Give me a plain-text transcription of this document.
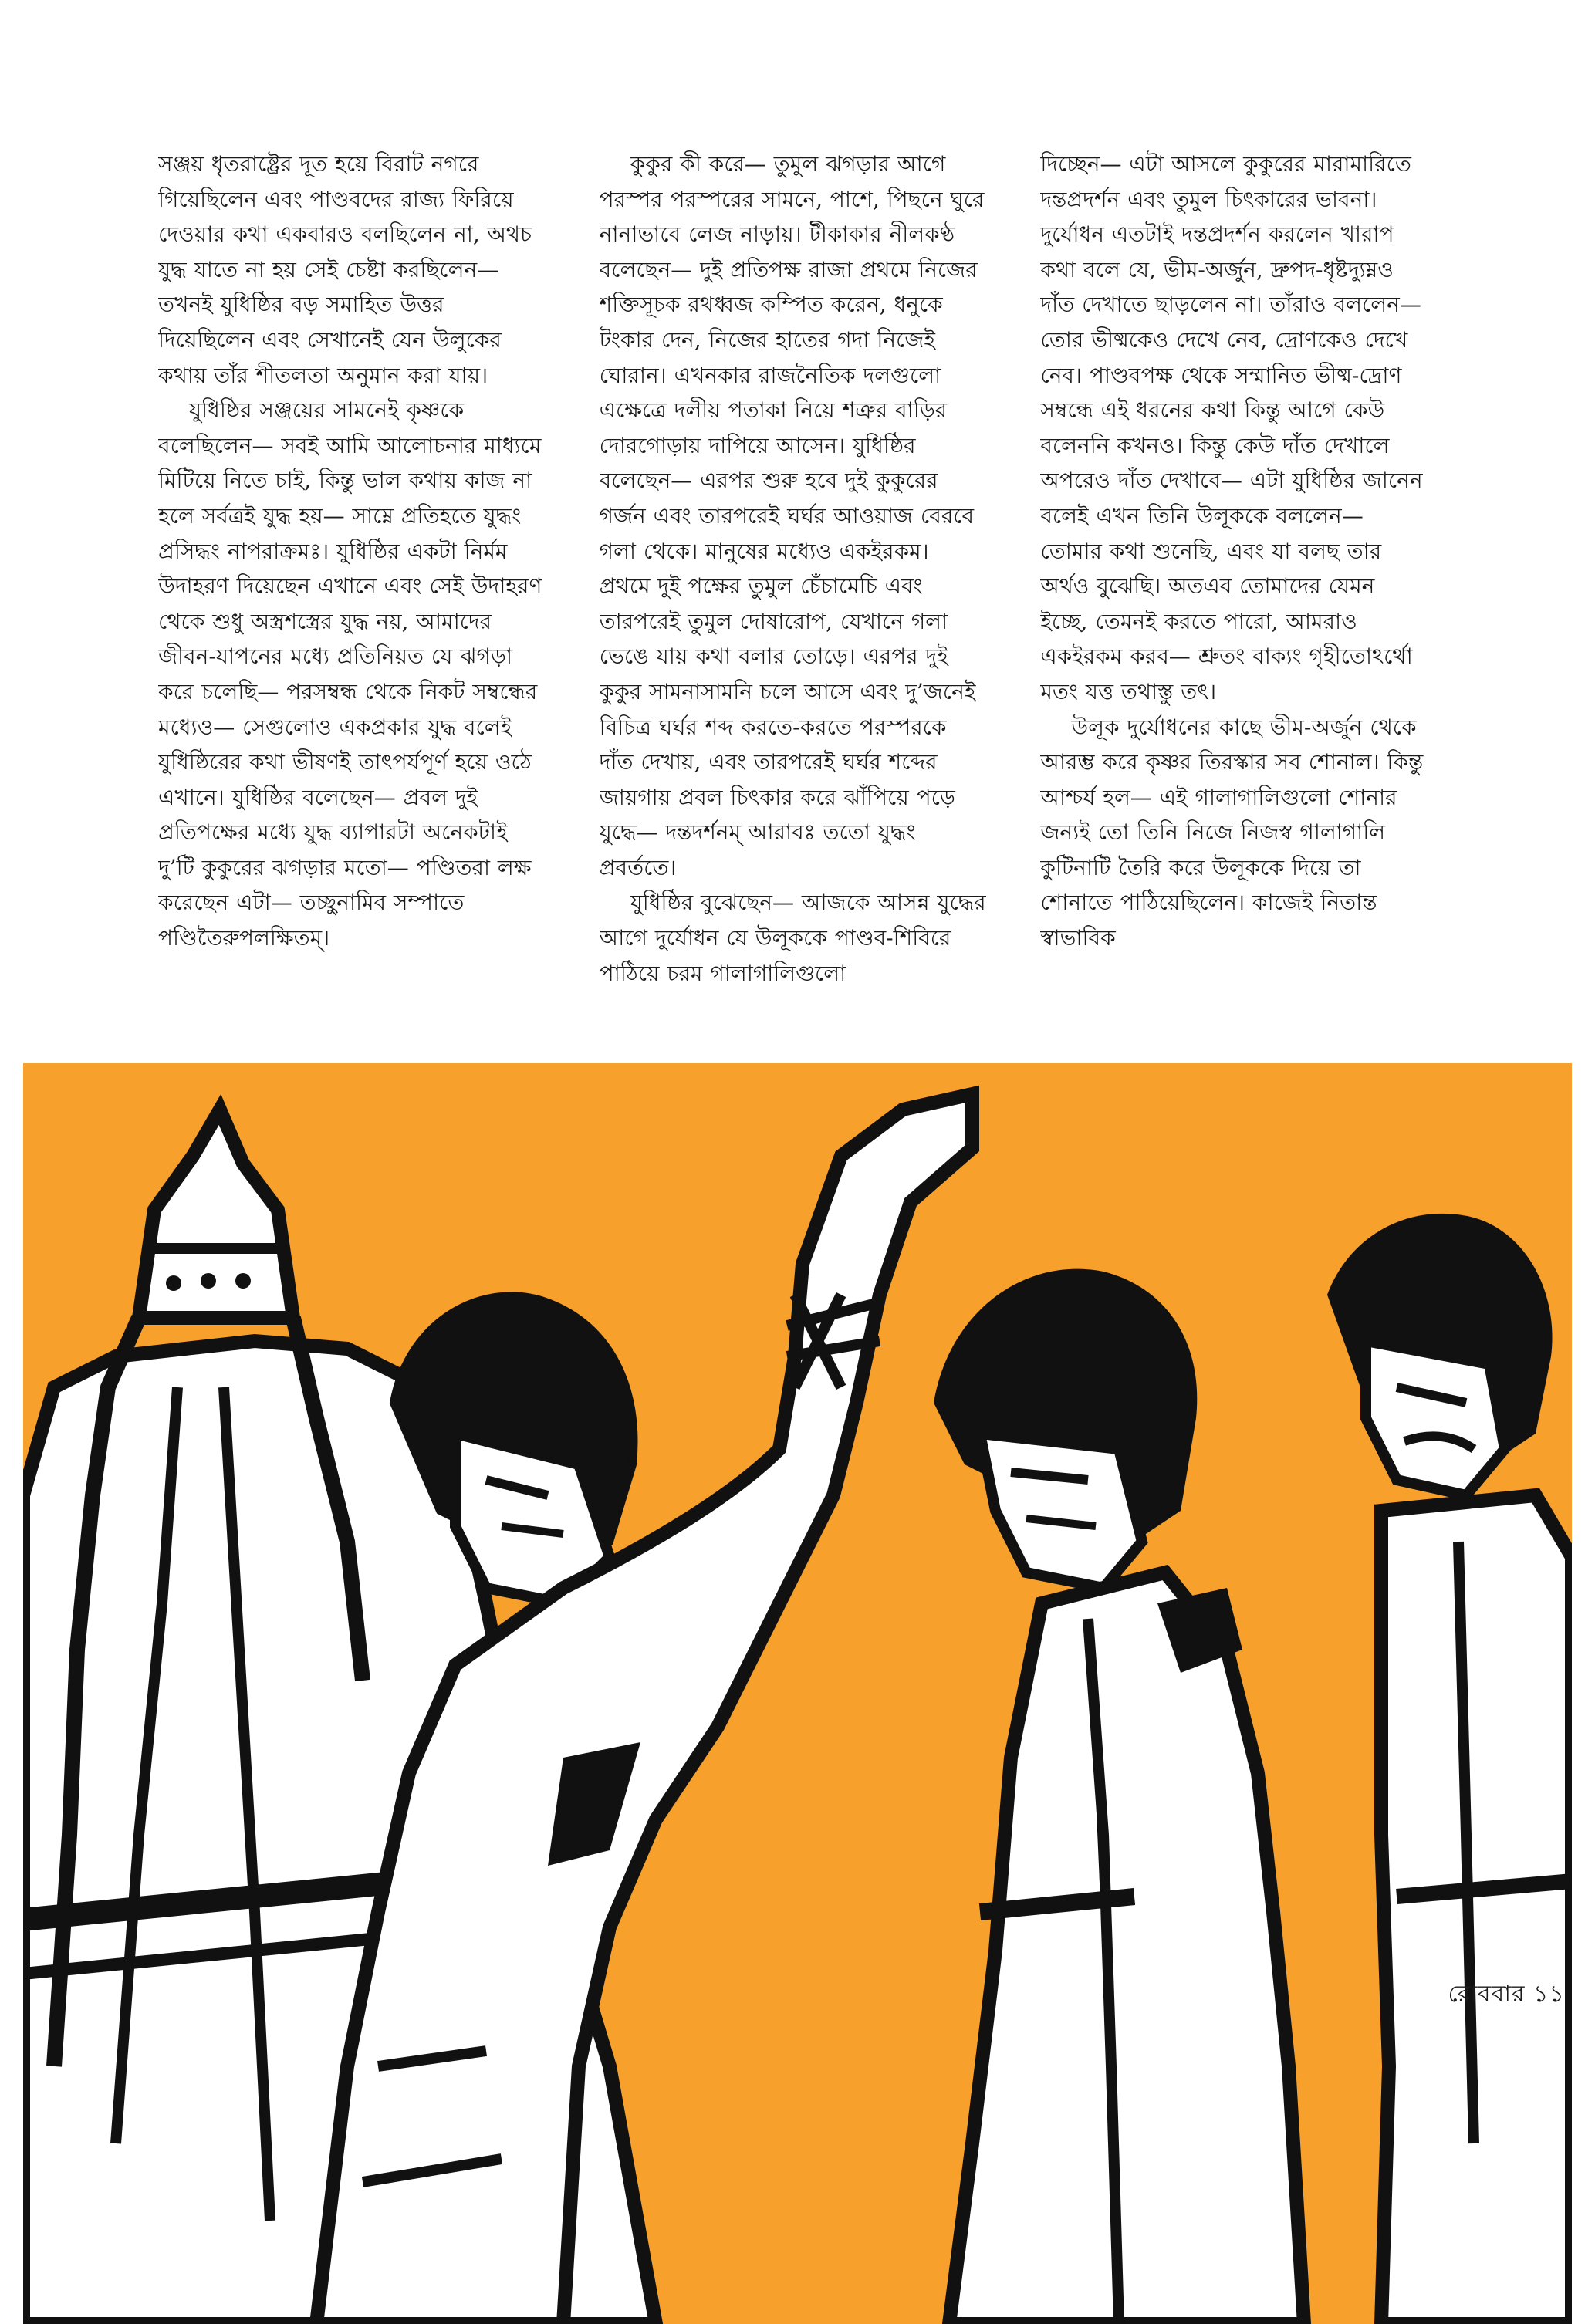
সঞ্জয় ধৃতরাষ্ট্রের দূত হয়ে বিরাট নগরে গিয়েছিলেন এবং পাণ্ডবদের রাজ্য ফিরিয়ে দেওয়ার কথা একবারও বলছিলেন না, অথচ যুদ্ধ যাতে না হয় সেই চেষ্টা করছিলেন— তখনই যুধিষ্ঠির বড় সমাহিত উত্তর দিয়েছিলেন এবং সেখানেই যেন উলুকের কথায় তাঁর শীতলতা অনুমান করা যায়।

যুধিষ্ঠির সঞ্জয়ের সামনেই কৃষ্ণকে বলেছিলেন— সবই আমি আলোচনার মাধ্যমে মিটিয়ে নিতে চাই, কিন্তু ভাল কথায় কাজ না হলে সর্বত্রই যুদ্ধ হয়— সাম্নে প্রতিহতে যুদ্ধং প্রসিদ্ধং নাপরাক্রমঃ। যুধিষ্ঠির একটা নির্মম উদাহরণ দিয়েছেন এখানে এবং সেই উদাহরণ থেকে শুধু অস্ত্রশস্ত্রের যুদ্ধ নয়, আমাদের জীবন-যাপনের মধ্যে প্রতিনিয়ত যে ঝগড়া করে চলেছি— পরসম্বন্ধ থেকে নিকট সম্বন্ধের মধ্যেও— সেগুলোও একপ্রকার যুদ্ধ বলেই যুধিষ্ঠিরের কথা ভীষণই তাৎপর্যপূর্ণ হয়ে ওঠে এখানে। যুধিষ্ঠির বলেছেন— প্রবল দুই প্রতিপক্ষের মধ্যে যুদ্ধ ব্যাপারটা অনেকটাই দু’টি কুকুরের ঝগড়ার মতো— পণ্ডিতরা লক্ষ করেছেন এটা— তচ্ছুনামিব সম্পাতে পণ্ডিতৈরুপলক্ষিতম্।

কুকুর কী করে— তুমুল ঝগড়ার আগে পরস্পর পরস্পরের সামনে, পাশে, পিছনে ঘুরে নানাভাবে লেজ নাড়ায়। টীকাকার নীলকণ্ঠ বলেছেন— দুই প্রতিপক্ষ রাজা প্রথমে নিজের শক্তিসূচক রথধ্বজ কম্পিত করেন, ধনুকে টংকার দেন, নিজের হাতের গদা নিজেই ঘোরান। এখনকার রাজনৈতিক দলগুলো এক্ষেত্রে দলীয় পতাকা নিয়ে শত্রুর বাড়ির দোরগোড়ায় দাপিয়ে আসেন। যুধিষ্ঠির বলেছেন— এরপর শুরু হবে দুই কুকুরের গর্জন এবং তারপরেই ঘর্ঘর আওয়াজ বেরবে গলা থেকে। মানুষের মধ্যেও একইরকম। প্রথমে দুই পক্ষের তুমুল চেঁচামেচি এবং তারপরেই তুমুল দোষারোপ, যেখানে গলা ভেঙে যায় কথা বলার তোড়ে। এরপর দুই কুকুর সামনাসামনি চলে আসে এবং দু’জনেই বিচিত্র ঘর্ঘর শব্দ করতে-করতে পরস্পরকে দাঁত দেখায়, এবং তারপরেই ঘর্ঘর শব্দের জায়গায় প্রবল চিৎকার করে ঝাঁপিয়ে পড়ে যুদ্ধে— দন্তদর্শনম্ আরাবঃ ততো যুদ্ধং প্রবর্ততে।

যুধিষ্ঠির বুঝেছেন— আজকে আসন্ন যুদ্ধের আগে দুর্যোধন যে উলূককে পাণ্ডব-শিবিরে পাঠিয়ে চরম গালাগালিগুলো

দিচ্ছেন— এটা আসলে কুকুরের মারামারিতে দন্তপ্রদর্শন এবং তুমুল চিৎকারের ভাবনা। দুর্যোধন এতটাই দন্তপ্রদর্শন করলেন খারাপ কথা বলে যে, ভীম-অর্জুন, দ্রুপদ-ধৃষ্টদ্যুম্নও দাঁত দেখাতে ছাড়লেন না। তাঁরাও বললেন— তোর ভীষ্মকেও দেখে নেব, দ্রোণকেও দেখে নেব। পাণ্ডবপক্ষ থেকে সম্মানিত ভীষ্ম-দ্রোণ সম্বন্ধে এই ধরনের কথা কিন্তু আগে কেউ বলেননি কখনও। কিন্তু কেউ দাঁত দেখালে অপরেও দাঁত দেখাবে— এটা যুধিষ্ঠির জানেন বলেই এখন তিনি উলূককে বললেন— তোমার কথা শুনেছি, এবং যা বলছ তার অর্থও বুঝেছি। অতএব তোমাদের যেমন ইচ্ছে, তেমনই করতে পারো, আমরাও একইরকম করব— শ্রুতং বাক্যং গৃহীতোঽর্থো মতং যত্ত তথাস্তু তৎ।

উলূক দুর্যোধনের কাছে ভীম-অর্জুন থেকে আরম্ভ করে কৃষ্ণর তিরস্কার সব শোনাল। কিন্তু আশ্চর্য হল— এই গালাগালিগুলো শোনার জন্যই তো তিনি নিজে নিজস্ব গালাগালি কুটিনাটি তৈরি করে উলূককে দিয়ে তা শোনাতে পাঠিয়েছিলেন। কাজেই নিতান্ত স্বাভাবিক

রোববার ১১
